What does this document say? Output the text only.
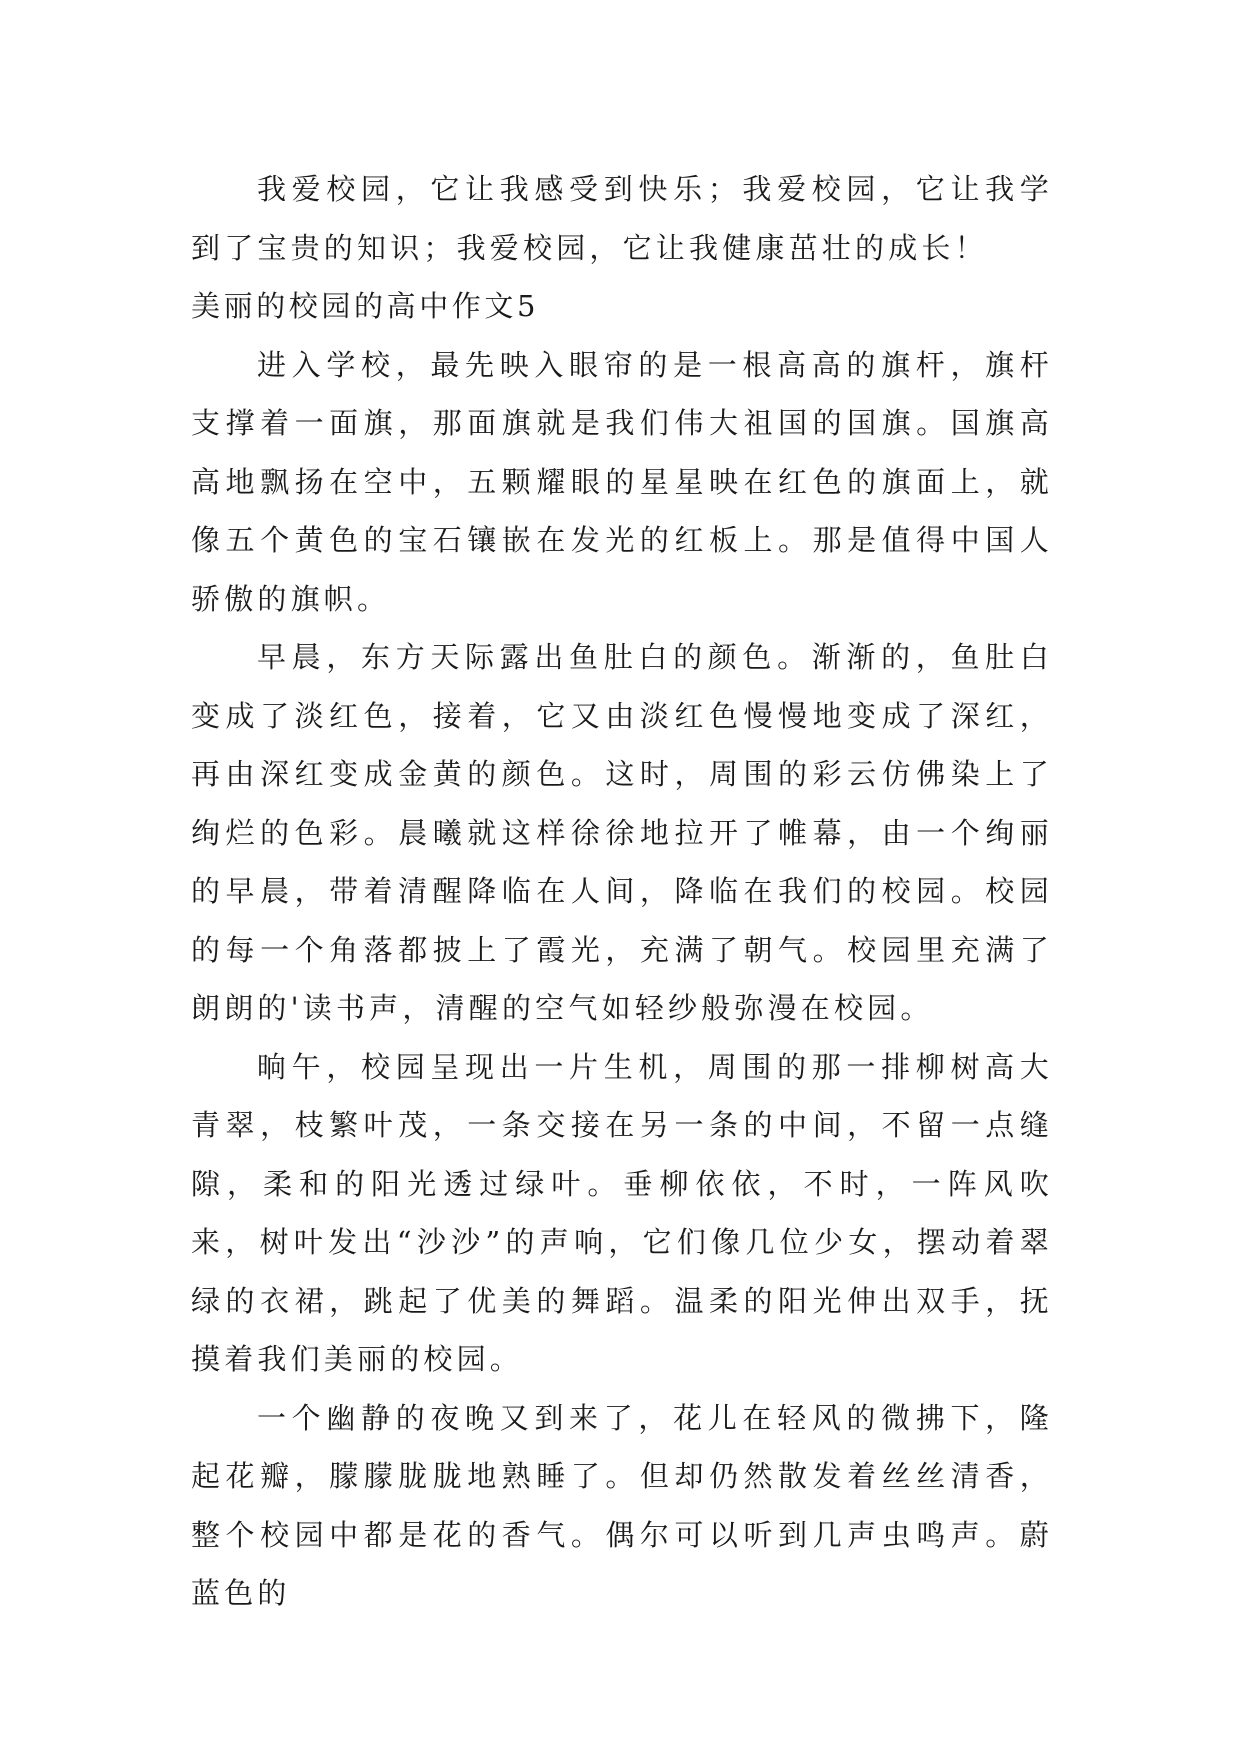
我爱校园，它让我感受到快乐；我爱校园，它让我学到了宝贵的知识；我爱校园，它让我健康茁壮的成长！

美丽的校园的高中作文5

进入学校，最先映入眼帘的是一根高高的旗杆，旗杆支撑着一面旗，那面旗就是我们伟大祖国的国旗。国旗高高地飘扬在空中，五颗耀眼的星星映在红色的旗面上，就像五个黄色的宝石镶嵌在发光的红板上。那是值得中国人骄傲的旗帜。

早晨，东方天际露出鱼肚白的颜色。渐渐的，鱼肚白变成了淡红色，接着，它又由淡红色慢慢地变成了深红，再由深红变成金黄的颜色。这时，周围的彩云仿佛染上了绚烂的色彩。晨曦就这样徐徐地拉开了帷幕，由一个绚丽的早晨，带着清醒降临在人间，降临在我们的校园。校园的每一个角落都披上了霞光，充满了朝气。校园里充满了朗朗的'读书声，清醒的空气如轻纱般弥漫在校园。

晌午，校园呈现出一片生机，周围的那一排柳树高大青翠，枝繁叶茂，一条交接在另一条的中间，不留一点缝隙，柔和的阳光透过绿叶。垂柳依依，不时，一阵风吹来，树叶发出“沙沙”的声响，它们像几位少女，摆动着翠绿的衣裙，跳起了优美的舞蹈。温柔的阳光伸出双手，抚摸着我们美丽的校园。

一个幽静的夜晚又到来了，花儿在轻风的微拂下，隆起花瓣，朦朦胧胧地熟睡了。但却仍然散发着丝丝清香，整个校园中都是花的香气。偶尔可以听到几声虫鸣声。蔚蓝色的
